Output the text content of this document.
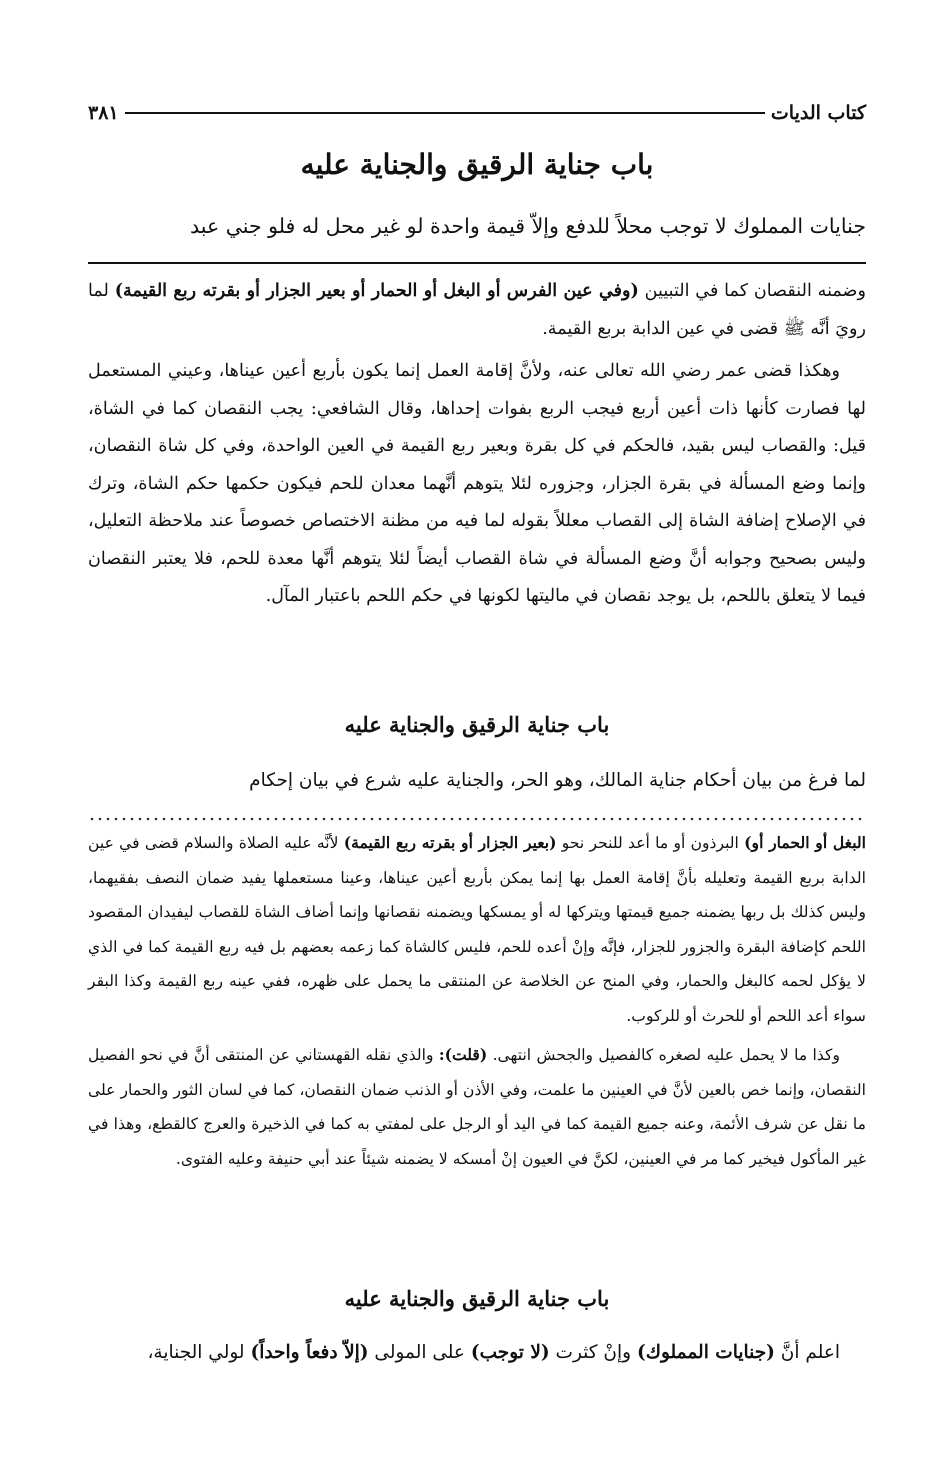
كتاب الديات
٣٨١
باب جناية الرقيق والجناية عليه
جنايات المملوك لا توجب محلاً للدفع وإلاّ قيمة واحدة لو غير محل له فلو جني عبد

وضمنه النقصان كما في التبيين (وفي عين الفرس أو البغل أو الحمار أو بعير الجزار أو بقرته ربع القيمة) لما رويَ أنَّه ﷺ قضى في عين الدابة بربع القيمة.

وهكذا قضى عمر رضي الله تعالى عنه، ولأنَّ إقامة العمل إنما يكون بأربع أعين عيناها، وعيني المستعمل لها فصارت كأنها ذات أعين أربع فيجب الربع بفوات إحداها، وقال الشافعي: يجب النقصان كما في الشاة، قيل: والقصاب ليس بقيد، فالحكم في كل بقرة وبعير ربع القيمة في العين الواحدة، وفي كل شاة النقصان، وإنما وضع المسألة في بقرة الجزار، وجزوره لئلا يتوهم أنَّهما معدان للحم فيكون حكمها حكم الشاة، وترك في الإصلاح إضافة الشاة إلى القصاب معللاً بقوله لما فيه من مظنة الاختصاص خصوصاً عند ملاحظة التعليل، وليس بصحيح وجوابه أنَّ وضع المسألة في شاة القصاب أيضاً لئلا يتوهم أنَّها معدة للحم، فلا يعتبر النقصان فيما لا يتعلق باللحم، بل يوجد نقصان في ماليتها لكونها في حكم اللحم باعتبار المآل.

باب جناية الرقيق والجناية عليه
لما فرغ من بيان أحكام جناية المالك، وهو الحر، والجناية عليه شرع في بيان إحكام

البغل أو الحمار أو) البرذون أو ما أعد للنحر نحو (بعير الجزار أو بقرته ربع القيمة) لأنَّه عليه الصلاة والسلام قضى في عين الدابة بربع القيمة وتعليله بأنَّ إقامة العمل بها إنما يمكن بأربع أعين عيناها، وعينا مستعملها يفيد ضمان النصف بفقيهما، وليس كذلك بل ربها يضمنه جميع قيمتها ويتركها له أو يمسكها ويضمنه نقصانها وإنما أضاف الشاة للقصاب ليفيدان المقصود اللحم كإضافة البقرة والجزور للجزار، فإنَّه وإنْ أعده للحم، فليس كالشاة كما زعمه بعضهم بل فيه ربع القيمة كما في الذي لا يؤكل لحمه كالبغل والحمار، وفي المنح عن الخلاصة عن المنتقى ما يحمل على ظهره، ففي عينه ربع القيمة وكذا البقر سواء أعد اللحم أو للحرث أو للركوب.

وكذا ما لا يحمل عليه لصغره كالفصيل والجحش انتهى. (قلت): والذي نقله القهستاني عن المنتقى أنَّ في نحو الفصيل النقصان، وإنما خص بالعين لأنَّ في العينين ما علمت، وفي الأذن أو الذنب ضمان النقصان، كما في لسان الثور والحمار على ما نقل عن شرف الأئمة، وعنه جميع القيمة كما في اليد أو الرجل على لمفتي به كما في الذخيرة والعرج كالقطع، وهذا في غير المأكول فيخير كما مر في العينين، لكنَّ في العيون إنْ أمسكه لا يضمنه شيئاً عند أبي حنيفة وعليه الفتوى.

باب جناية الرقيق والجناية عليه

اعلم أنَّ (جنايات المملوك) وإنْ كثرت (لا توجب) على المولى (إلاّ دفعاً واحداً) لولي الجناية،
